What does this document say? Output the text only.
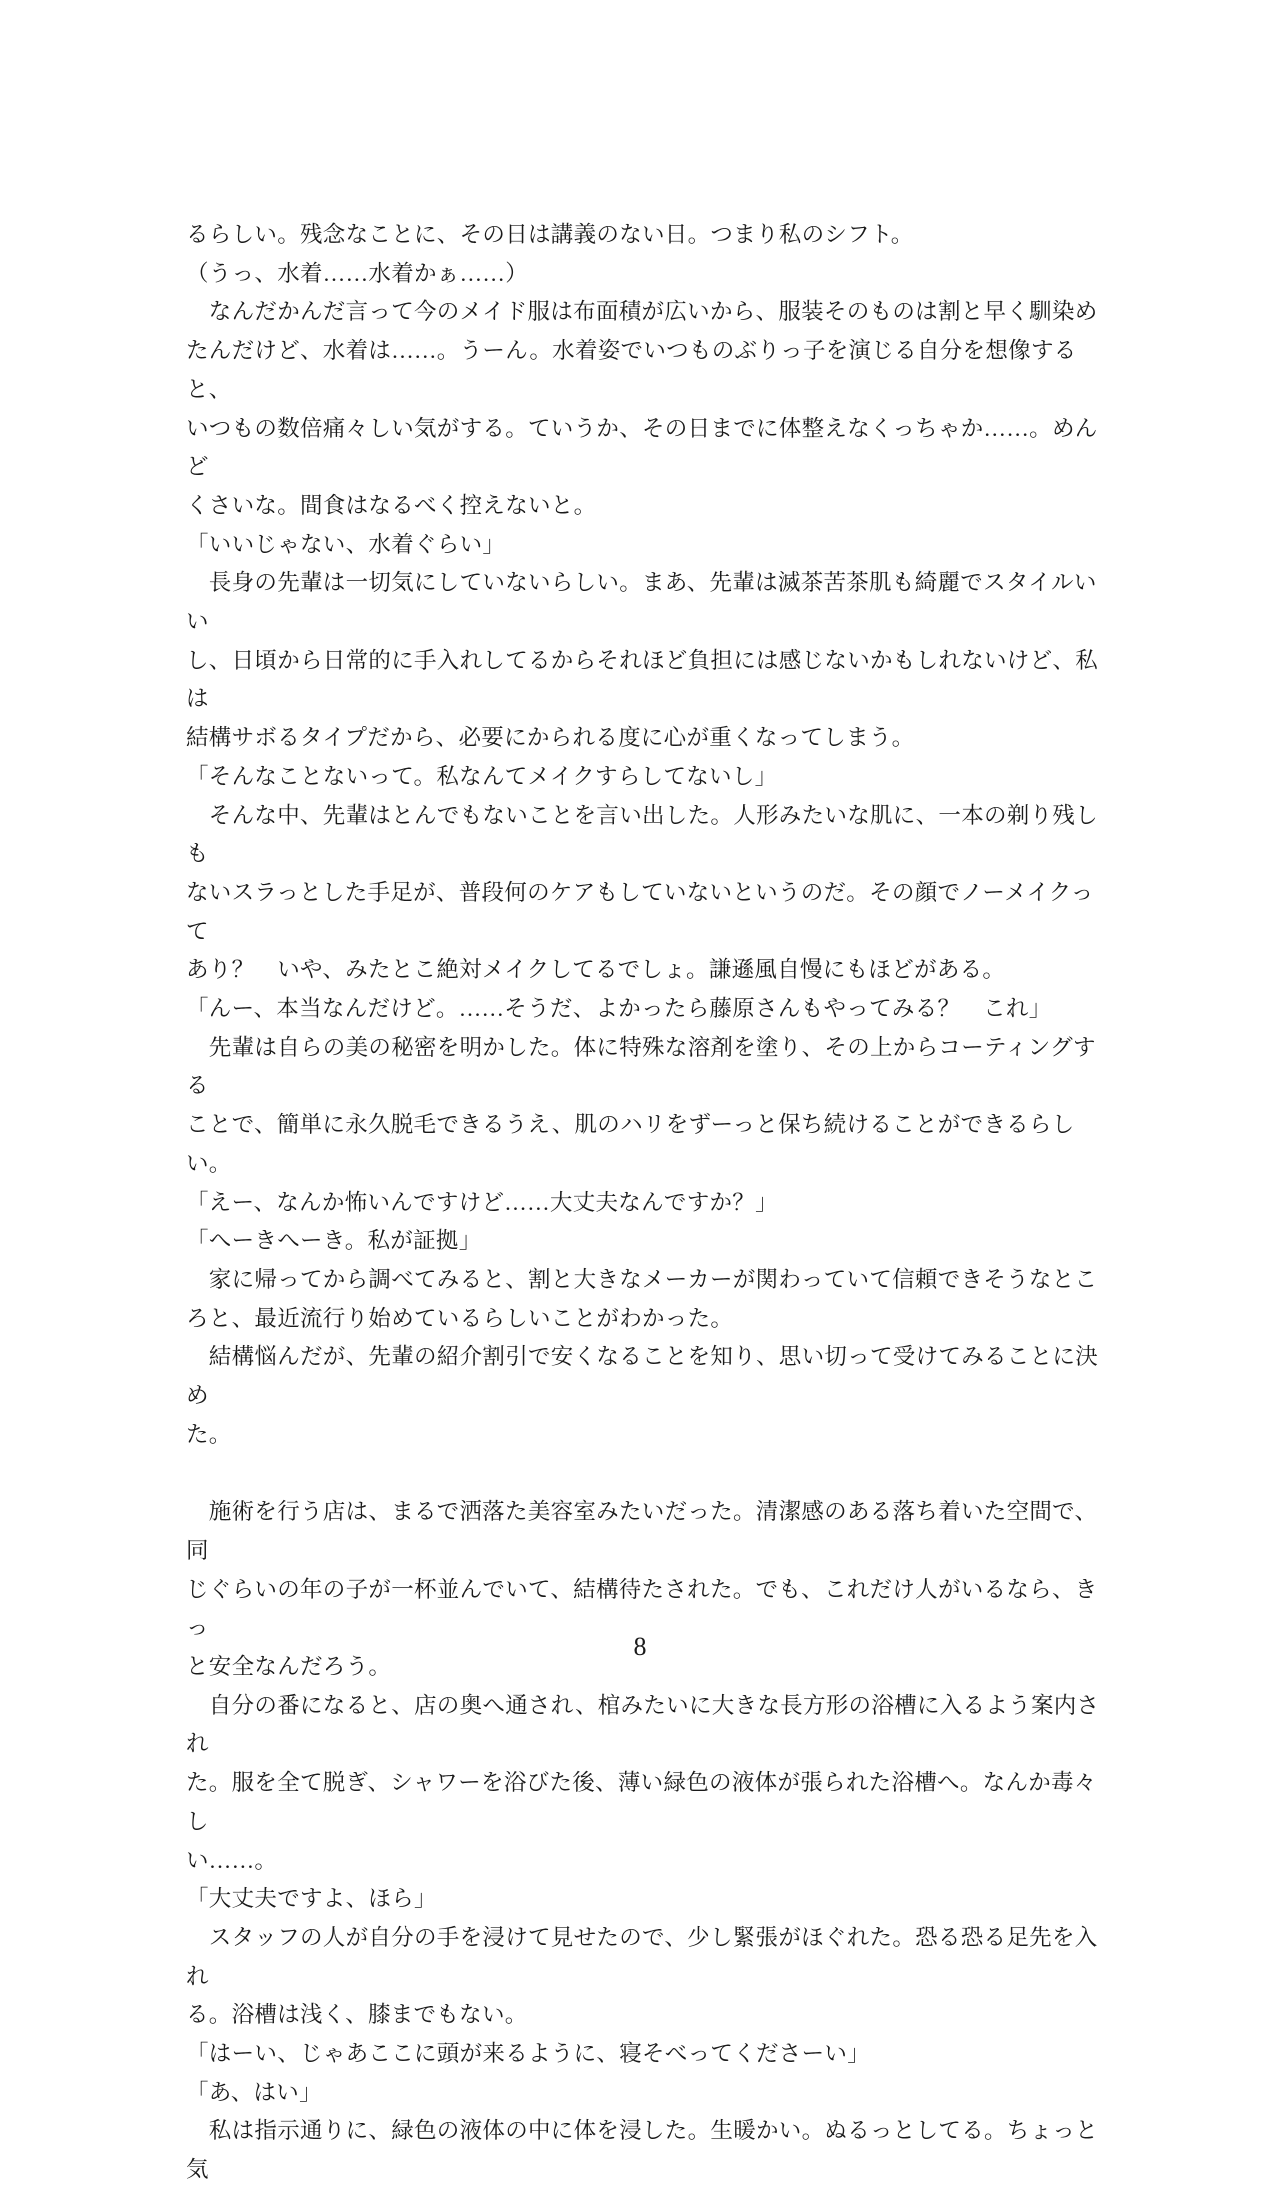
るらしい。残念なことに、その日は講義のない日。つまり私のシフト。
（うっ、水着……水着かぁ……）
　なんだかんだ言って今のメイド服は布面積が広いから、服装そのものは割と早く馴染め
たんだけど、水着は……。うーん。水着姿でいつものぶりっ子を演じる自分を想像すると、
いつもの数倍痛々しい気がする。ていうか、その日までに体整えなくっちゃか……。めんど
くさいな。間食はなるべく控えないと。
「いいじゃない、水着ぐらい」
　長身の先輩は一切気にしていないらしい。まあ、先輩は滅茶苦茶肌も綺麗でスタイルいい
し、日頃から日常的に手入れしてるからそれほど負担には感じないかもしれないけど、私は
結構サボるタイプだから、必要にかられる度に心が重くなってしまう。
「そんなことないって。私なんてメイクすらしてないし」
　そんな中、先輩はとんでもないことを言い出した。人形みたいな肌に、一本の剃り残しも
ないスラっとした手足が、普段何のケアもしていないというのだ。その顔でノーメイクって
あり？　いや、みたとこ絶対メイクしてるでしょ。謙遜風自慢にもほどがある。
「んー、本当なんだけど。……そうだ、よかったら藤原さんもやってみる？　これ」
　先輩は自らの美の秘密を明かした。体に特殊な溶剤を塗り、その上からコーティングする
ことで、簡単に永久脱毛できるうえ、肌のハリをずーっと保ち続けることができるらしい。
「えー、なんか怖いんですけど……大丈夫なんですか？」
「へーきへーき。私が証拠」
　家に帰ってから調べてみると、割と大きなメーカーが関わっていて信頼できそうなとこ
ろと、最近流行り始めているらしいことがわかった。
　結構悩んだが、先輩の紹介割引で安くなることを知り、思い切って受けてみることに決め
た。
　施術を行う店は、まるで洒落た美容室みたいだった。清潔感のある落ち着いた空間で、同
じぐらいの年の子が一杯並んでいて、結構待たされた。でも、これだけ人がいるなら、きっ
と安全なんだろう。
　自分の番になると、店の奥へ通され、棺みたいに大きな長方形の浴槽に入るよう案内され
た。服を全て脱ぎ、シャワーを浴びた後、薄い緑色の液体が張られた浴槽へ。なんか毒々し
い……。
「大丈夫ですよ、ほら」
　スタッフの人が自分の手を浸けて見せたので、少し緊張がほぐれた。恐る恐る足先を入れ
る。浴槽は浅く、膝までもない。
「はーい、じゃあここに頭が来るように、寝そべってくださーい」
「あ、はい」
　私は指示通りに、緑色の液体の中に体を浸した。生暖かい。ぬるっとしてる。ちょっと気
8
